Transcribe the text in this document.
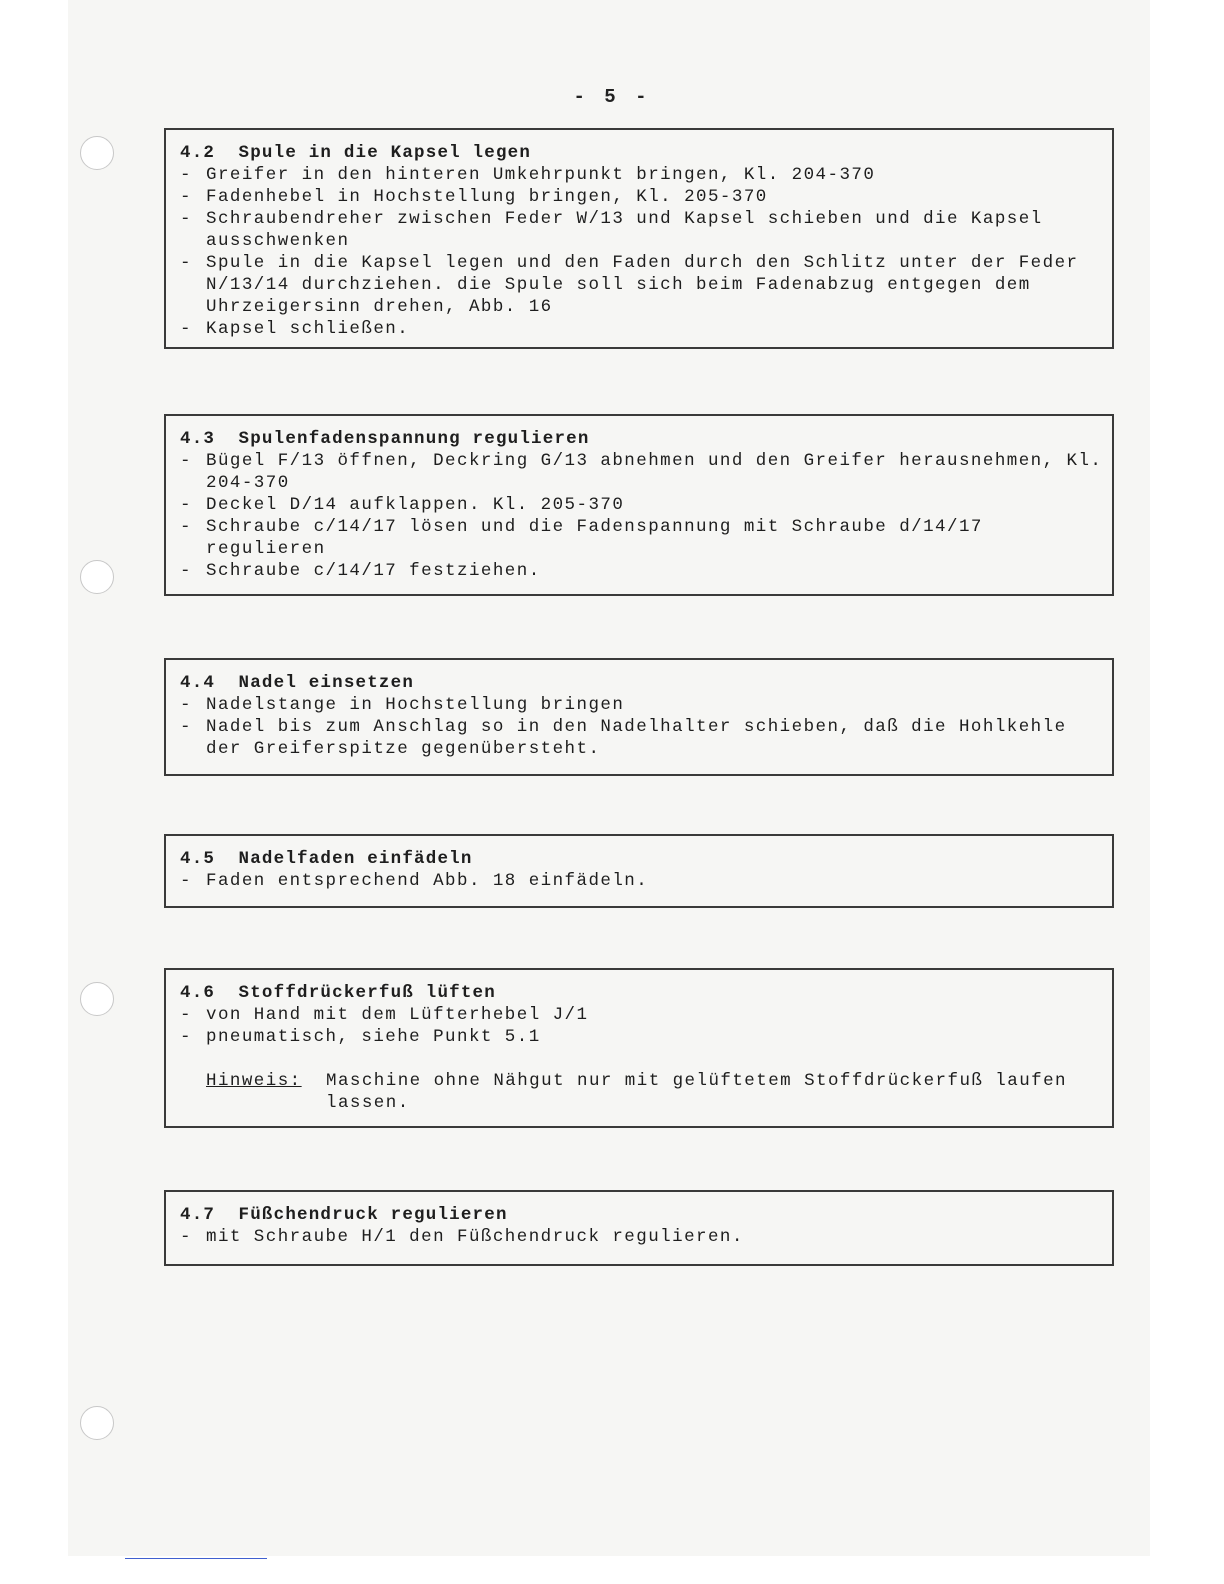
- 5 -
4.2  Spule in die Kapsel legen
- Greifer in den hinteren Umkehrpunkt bringen, Kl. 204-370
- Fadenhebel in Hochstellung bringen, Kl. 205-370
- Schraubendreher zwischen Feder W/13 und Kapsel schieben und die Kapsel ausschwenken
- Spule in die Kapsel legen und den Faden durch den Schlitz unter der Feder N/13/14 durchziehen. die Spule soll sich beim Fadenabzug entgegen dem Uhrzeigersinn drehen, Abb. 16
- Kapsel schließen.
4.3  Spulenfadenspannung regulieren
- Bügel F/13 öffnen, Deckring G/13 abnehmen und den Greifer herausnehmen, Kl. 204-370
- Deckel D/14 aufklappen. Kl. 205-370
- Schraube c/14/17 lösen und die Fadenspannung mit Schraube d/14/17 regulieren
- Schraube c/14/17 festziehen.
4.4  Nadel einsetzen
- Nadelstange in Hochstellung bringen
- Nadel bis zum Anschlag so in den Nadelhalter schieben, daß die Hohlkehle der Greiferspitze gegenübersteht.
4.5  Nadelfaden einfädeln
- Faden entsprechend Abb. 18 einfädeln.
4.6  Stoffdrückerfuß lüften
- von Hand mit dem Lüfterhebel J/1
- pneumatisch, siehe Punkt 5.1
Hinweis:	Maschine ohne Nähgut nur mit gelüftetem Stoffdrückerfuß laufen lassen.
4.7  Füßchendruck regulieren
- mit Schraube H/1 den Füßchendruck regulieren.
